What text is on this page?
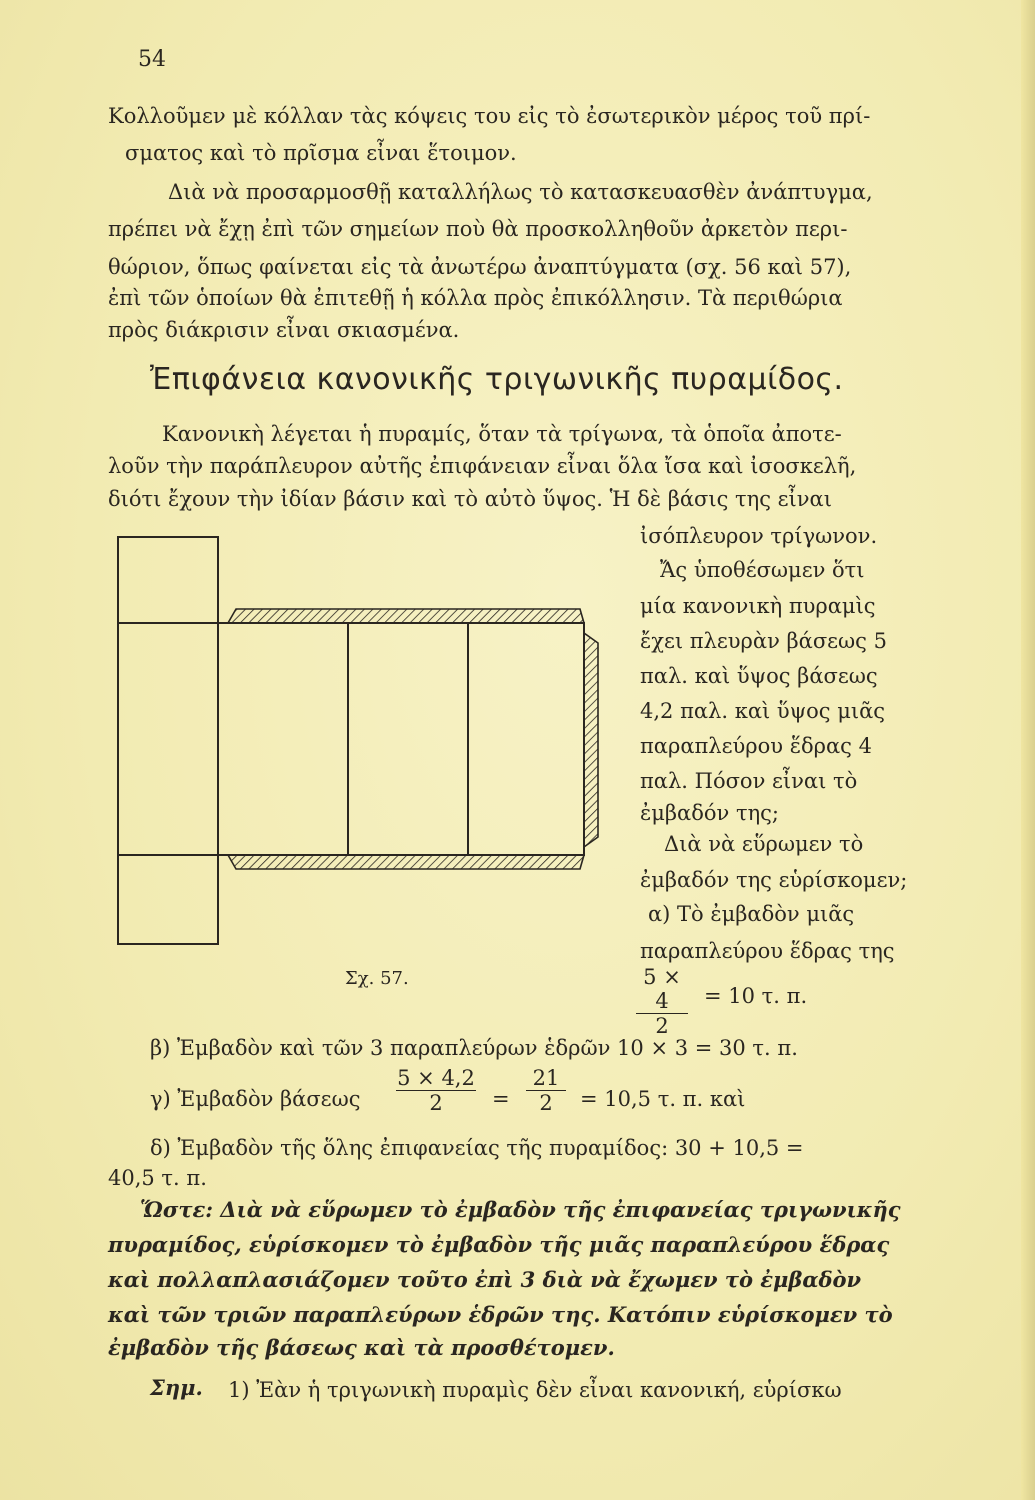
54
Κολλοῦμεν μὲ κόλλαν τὰς κόψεις του εἰς τὸ ἐσωτερικὸν μέρος τοῦ πρί-
σματος καὶ τὸ πρῖσμα εἶναι ἕτοιμον.
Διὰ νὰ προσαρμοσθῇ καταλλήλως τὸ κατασκευασθὲν ἀνάπτυγμα,
πρέπει νὰ ἔχῃ ἐπὶ τῶν σημείων ποὺ θὰ προσκολληθοῦν ἀρκετὸν περι-
θώριον, ὅπως φαίνεται εἰς τὰ ἀνωτέρω ἀναπτύγματα (σχ. 56 καὶ 57),
ἐπὶ τῶν ὁποίων θὰ ἐπιτεθῇ ἡ κόλλα πρὸς ἐπικόλλησιν. Τὰ περιθώρια
πρὸς διάκρισιν εἶναι σκιασμένα.
Ἐπιφάνεια κανονικῆς τριγωνικῆς πυραμίδος.
Κανονικὴ λέγεται ἡ πυραμίς, ὅταν τὰ τρίγωνα, τὰ ὁποῖα ἀποτε-
λοῦν τὴν παράπλευρον αὐτῆς ἐπιφάνειαν εἶναι ὅλα ἴσα καὶ ἰσοσκελῆ,
διότι ἔχουν τὴν ἰδίαν βάσιν καὶ τὸ αὐτὸ ὕψος. Ἡ δὲ βάσις της εἶναι
ἰσόπλευρον τρίγωνον.
Ἄς ὑποθέσωμεν ὅτι
μία κανονικὴ πυραμὶς
ἔχει πλευρὰν βάσεως 5
παλ. καὶ ὕψος βάσεως
4,2 παλ. καὶ ὕψος μιᾶς
παραπλεύρου ἕδρας 4
παλ. Πόσον εἶναι τὸ
ἐμβαδόν της;
Διὰ νὰ εὕρωμεν τὸ
ἐμβαδόν της εὑρίσκομεν;
α) Τὸ ἐμβαδὸν μιᾶς
παραπλεύρου ἕδρας της
$\frac{5 \times 4}{2} = 10$ τ. π.
Σχ. 57.
β) Ἐμβαδὸν καὶ τῶν 3 παραπλεύρων ἑδρῶν 10 × 3 = 30 τ. π.
γ) Ἐμβαδὸν βάσεως $\frac{5 \times 4,2}{2} = \frac{21}{2} = 10,5$ τ. π. καὶ
δ) Ἐμβαδὸν τῆς ὅλης ἐπιφανείας τῆς πυραμίδος: 30 + 10,5 =
40,5 τ. π.
Ὥστε: Διὰ νὰ εὕρωμεν τὸ ἐμβαδὸν τῆς ἐπιφανείας τριγωνικῆς
πυραμίδος, εὑρίσκομεν τὸ ἐμβαδὸν τῆς μιᾶς παραπλεύρου ἕδρας
καὶ πολλαπλασιάζομεν τοῦτο ἐπὶ 3 διὰ νὰ ἔχωμεν τὸ ἐμβαδὸν
καὶ τῶν τριῶν παραπλεύρων ἑδρῶν της. Κατόπιν εὑρίσκομεν τὸ
ἐμβαδὸν τῆς βάσεως καὶ τὰ προσθέτομεν.
Σημ. 1) Ἐὰν ἡ τριγωνικὴ πυραμὶς δὲν εἶναι κανονική, εὑρίσκω
